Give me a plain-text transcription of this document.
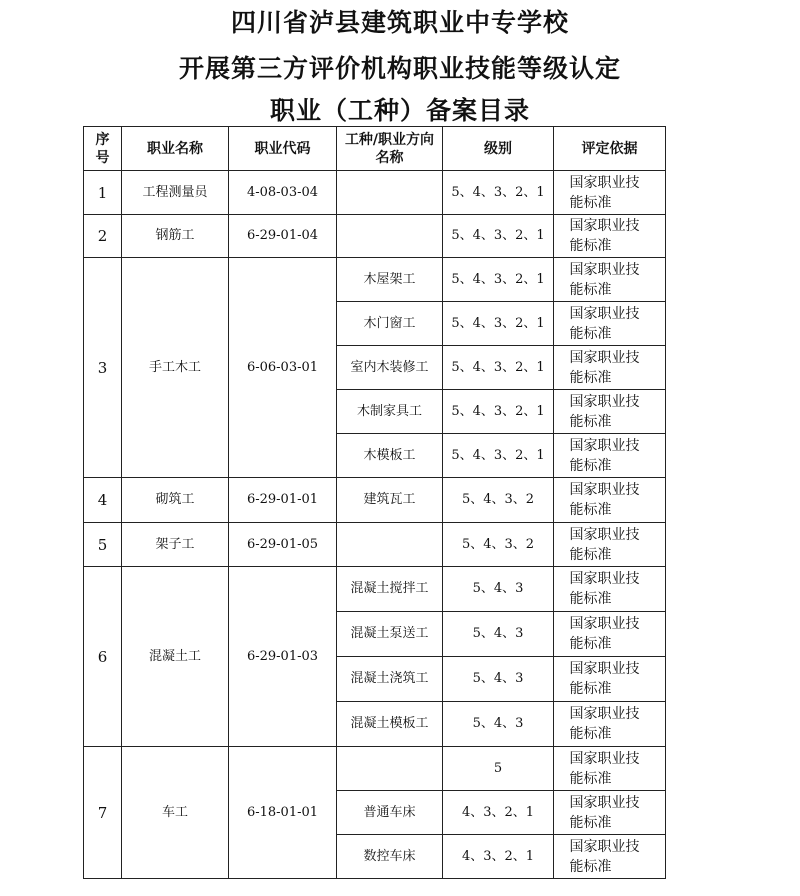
四川省泸县建筑职业中专学校
开展第三方评价机构职业技能等级认定
职业（工种）备案目录
序号	职业名称	职业代码	工种/职业方向名称	级别	评定依据
1	工程测量员	4-08-03-04		5、4、3、2、1	国家职业技能标准
2	钢筋工	6-29-01-04		5、4、3、2、1	国家职业技能标准
3	手工木工	6-06-03-01	木屋架工	5、4、3、2、1	国家职业技能标准
			木门窗工	5、4、3、2、1	国家职业技能标准
			室内木装修工	5、4、3、2、1	国家职业技能标准
			木制家具工	5、4、3、2、1	国家职业技能标准
			木模板工	5、4、3、2、1	国家职业技能标准
4	砌筑工	6-29-01-01	建筑瓦工	5、4、3、2	国家职业技能标准
5	架子工	6-29-01-05		5、4、3、2	国家职业技能标准
6	混凝土工	6-29-01-03	混凝土搅拌工	5、4、3	国家职业技能标准
			混凝土泵送工	5、4、3	国家职业技能标准
			混凝土浇筑工	5、4、3	国家职业技能标准
			混凝土模板工	5、4、3	国家职业技能标准
7	车工	6-18-01-01		5	国家职业技能标准
			普通车床	4、3、2、1	国家职业技能标准
			数控车床	4、3、2、1	国家职业技能标准
